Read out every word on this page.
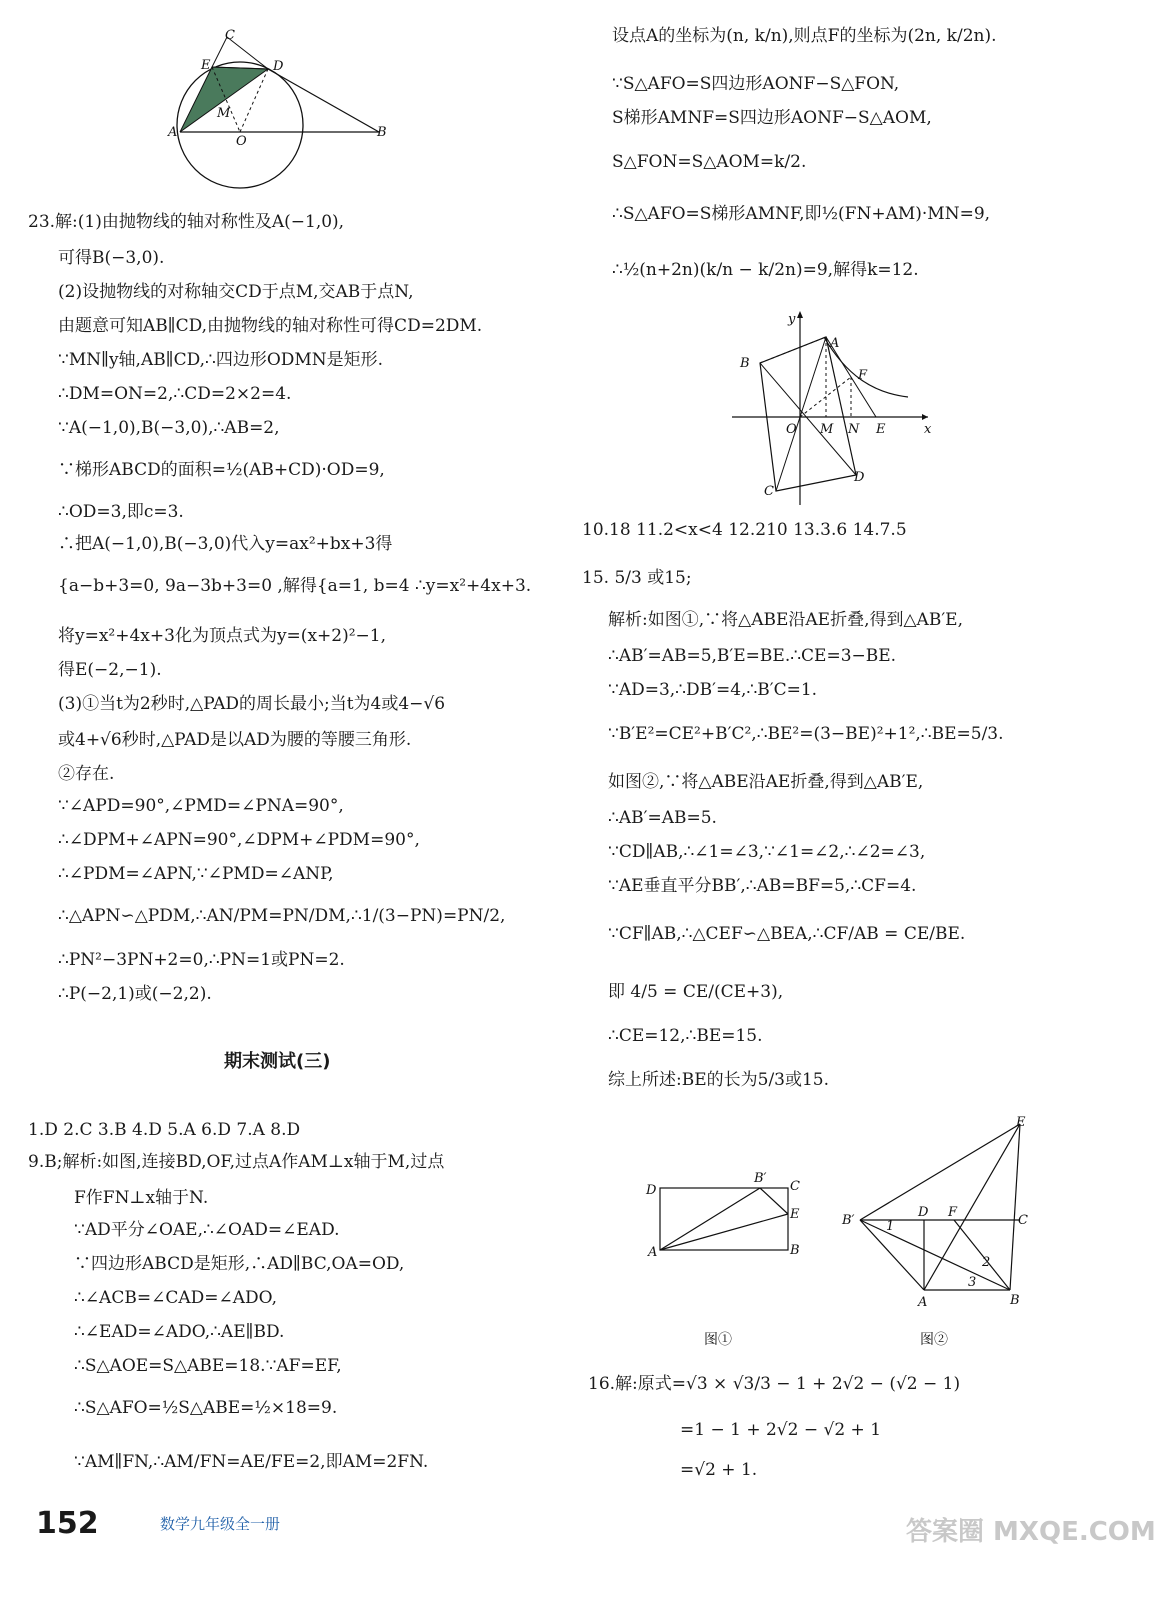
C
E	D
M
A
O
B
23.解:(1)由抛物线的轴对称性及A(−1,0),
可得B(−3,0).
(2)设抛物线的对称轴交CD于点M,交AB于点N,
由题意可知AB∥CD,由抛物线的轴对称性可得CD=2DM.
∵MN∥y轴,AB∥CD,∴四边形ODMN是矩形.
∴DM=ON=2,∴CD=2×2=4.
∵A(−1,0),B(−3,0),∴AB=2,
∵梯形ABCD的面积=½(AB+CD)·OD=9,
∴OD=3,即c=3.
∴把A(−1,0),B(−3,0)代入y=ax²+bx+3得
{a−b+3=0, 9a−3b+3=0 ,解得{a=1, b=4 ∴y=x²+4x+3.
将y=x²+4x+3化为顶点式为y=(x+2)²−1,
得E(−2,−1).
(3)①当t为2秒时,△PAD的周长最小;当t为4或4−√6
或4+√6秒时,△PAD是以AD为腰的等腰三角形.
②存在.
∵∠APD=90°,∠PMD=∠PNA=90°,
∴∠DPM+∠APN=90°,∠DPM+∠PDM=90°,
∴∠PDM=∠APN,∵∠PMD=∠ANP,
∴△APN∽△PDM,∴AN/PM=PN/DM,∴1/(3−PN)=PN/2,
∴PN²−3PN+2=0,∴PN=1或PN=2.
∴P(−2,1)或(−2,2).
期末测试(三)
1.D 2.C 3.B 4.D 5.A 6.D 7.A 8.D
9.B;解析:如图,连接BD,OF,过点A作AM⊥x轴于M,过点
F作FN⊥x轴于N.
∵AD平分∠OAE,∴∠OAD=∠EAD.
∵四边形ABCD是矩形,∴AD∥BC,OA=OD,
∴∠ACB=∠CAD=∠ADO,
∴∠EAD=∠ADO,∴AE∥BD.
∴S△AOE=S△ABE=18.∵AF=EF,
∴S△AFO=½S△ABE=½×18=9.
∵AM∥FN,∴AM/FN=AE/FE=2,即AM=2FN.
设点A的坐标为(n, k/n),则点F的坐标为(2n, k/2n).
∵S△AFO=S四边形AONF−S△FON,
S梯形AMNF=S四边形AONF−S△AOM,
S△FON=S△AOM=k/2.
∴S△AFO=S梯形AMNF,即½(FN+AM)·MN=9,
∴½(n+2n)(k/n − k/2n)=9,解得k=12.
y
A
B
F
O M N E	x
C
D
10.18 11.2<x<4 12.210 13.3.6 14.7.5
15. 5/3 或15;
解析:如图①,∵将△ABE沿AE折叠,得到△AB′E,
∴AB′=AB=5,B′E=BE.∴CE=3−BE.
∵AD=3,∴DB′=4,∴B′C=1.
∵B′E²=CE²+B′C²,∴BE²=(3−BE)²+1²,∴BE=5/3.
如图②,∵将△ABE沿AE折叠,得到△AB′E,
∴AB′=AB=5.
∵CD∥AB,∴∠1=∠3,∵∠1=∠2,∴∠2=∠3,
∵AE垂直平分BB′,∴AB=BF=5,∴CF=4.
∵CF∥AB,∴△CEF∽△BEA,∴CF/AB = CE/BE.
即 4/5 = CE/(CE+3),
∴CE=12,∴BE=15.
综上所述:BE的长为5/3或15.
D
B′
C
E
A	B
图①
E
B′
D F
C
1
2
3
A	B
图②
16.解:原式=√3 × √3/3 − 1 + 2√2 − (√2 − 1)
=1 − 1 + 2√2 − √2 + 1
=√2 + 1.
152	数学九年级全一册	答案圈 MXQE.COM
